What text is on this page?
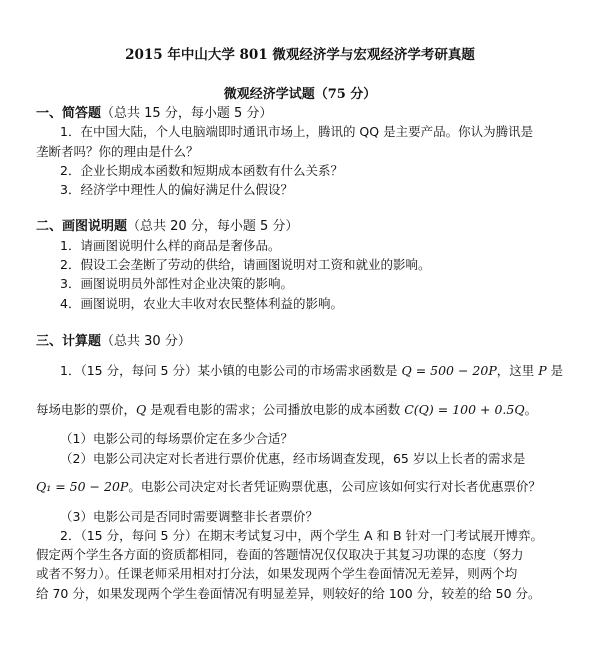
2015 年中山大学 801 微观经济学与宏观经济学考研真题
微观经济学试题（75 分）
一、简答题（总共 15 分，每小题 5 分）
1．在中国大陆，个人电脑端即时通讯市场上，腾讯的 QQ 是主要产品。你认为腾讯是
垄断者吗？你的理由是什么？
2．企业长期成本函数和短期成本函数有什么关系？
3．经济学中理性人的偏好满足什么假设？
二、画图说明题（总共 20 分，每小题 5 分）
1．请画图说明什么样的商品是奢侈品。
2．假设工会垄断了劳动的供给，请画图说明对工资和就业的影响。
3．画图说明员外部性对企业决策的影响。
4．画图说明，农业大丰收对农民整体利益的影响。
三、计算题（总共 30 分）
1．（15 分，每问 5 分）某小镇的电影公司的市场需求函数是 Q = 500 − 20P，这里 P 是
每场电影的票价，Q 是观看电影的需求；公司播放电影的成本函数 C(Q) = 100 + 0.5Q。
（1）电影公司的每场票价定在多少合适？
（2）电影公司决定对长者进行票价优惠，经市场调查发现，65 岁以上长者的需求是
Q₁ = 50 − 20P。电影公司决定对长者凭证购票优惠，公司应该如何实行对长者优惠票价？
（3）电影公司是否同时需要调整非长者票价？
2．（15 分，每问 5 分）在期末考试复习中，两个学生 A 和 B 针对一门考试展开博弈。
假定两个学生各方面的资质都相同，卷面的答题情况仅仅取决于其复习功课的态度（努力
或者不努力）。任课老师采用相对打分法，如果发现两个学生卷面情况无差异，则两个均
给 70 分，如果发现两个学生卷面情况有明显差异，则较好的给 100 分，较差的给 50 分。
